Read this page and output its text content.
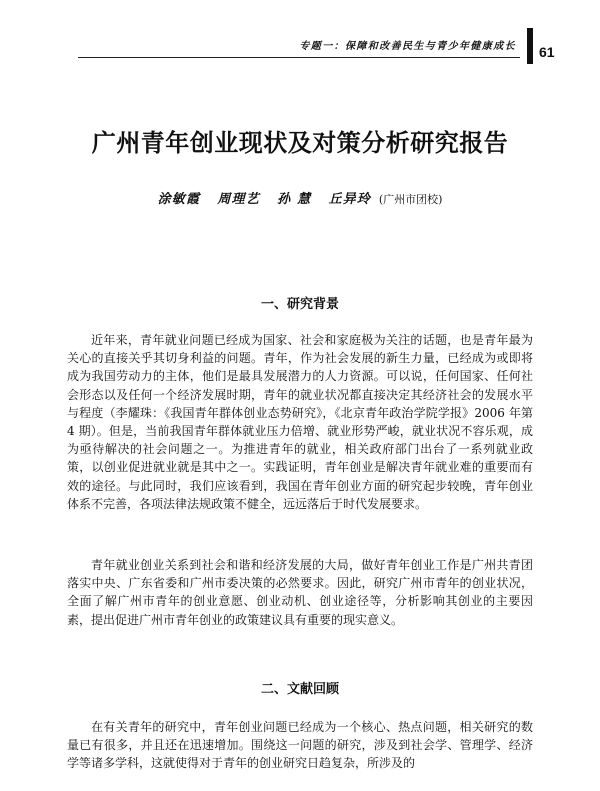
专题一：保障和改善民生与青少年健康成长 61
广州青年创业现状及对策分析研究报告
涂敏霞 周理艺 孙 慧 丘异玲 (广州市团校)
一、研究背景

近年来，青年就业问题已经成为国家、社会和家庭极为关注的话题，也是青年最为关心的直接关乎其切身利益的问题。青年，作为社会发展的新生力量，已经成为或即将成为我国劳动力的主体，他们是最具发展潜力的人力资源。可以说，任何国家、任何社会形态以及任何一个经济发展时期，青年的就业状况都直接决定其经济社会的发展水平与程度（李耀珠：《我国青年群体创业态势研究》，《北京青年政治学院学报》2006 年第 4 期）。但是，当前我国青年群体就业压力倍增、就业形势严峻，就业状况不容乐观，成为亟待解决的社会问题之一。为推进青年的就业，相关政府部门出台了一系列就业政策，以创业促进就业就是其中之一。实践证明，青年创业是解决青年就业难的重要而有效的途径。与此同时，我们应该看到，我国在青年创业方面的研究起步较晚，青年创业体系不完善，各项法律法规政策不健全，远远落后于时代发展要求。

青年就业创业关系到社会和谐和经济发展的大局，做好青年创业工作是广州共青团落实中央、广东省委和广州市委决策的必然要求。因此，研究广州市青年的创业状况，全面了解广州市青年的创业意愿、创业动机、创业途径等，分析影响其创业的主要因素，提出促进广州市青年创业的政策建议具有重要的现实意义。

二、文献回顾

在有关青年的研究中，青年创业问题已经成为一个核心、热点问题，相关研究的数量已有很多，并且还在迅速增加。围绕这一问题的研究，涉及到社会学、管理学、经济学等诸多学科，这就使得对于青年的创业研究日趋复杂，所涉及的
